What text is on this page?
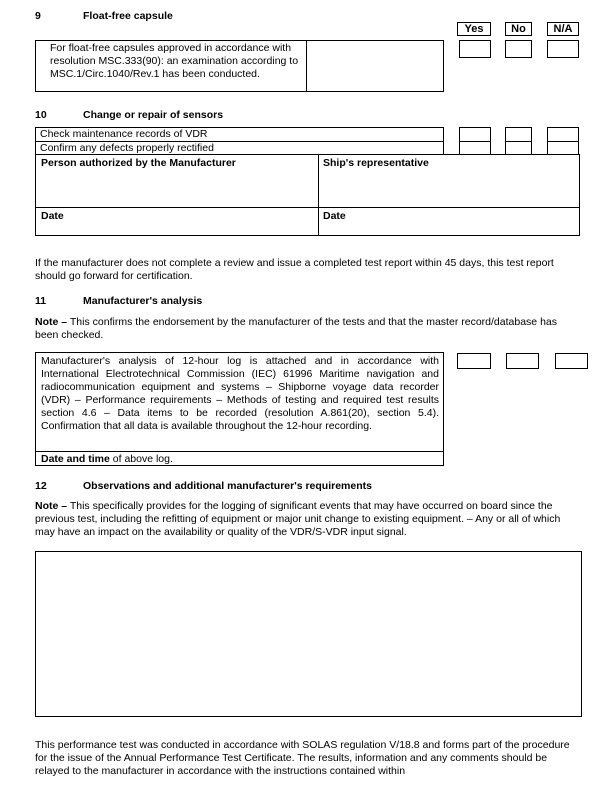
9	Float-free capsule
Yes	No	N/A
For float-free capsules approved in accordance with resolution MSC.333(90): an examination according to MSC.1/Circ.1040/Rev.1 has been conducted.
10	Change or repair of sensors
Check maintenance records of VDR
Confirm any defects properly rectified
Person authorized by the Manufacturer	Ship's representative
Date	Date
If the manufacturer does not complete a review and issue a completed test report within 45 days, this test report should go forward for certification.
11	Manufacturer's analysis
Note – This confirms the endorsement by the manufacturer of the tests and that the master record/database has been checked.
Manufacturer's analysis of 12-hour log is attached and in accordance with International Electrotechnical Commission (IEC) 61996 Maritime navigation and radiocommunication equipment and systems – Shipborne voyage data recorder (VDR) – Performance requirements – Methods of testing and required test results section 4.6 – Data items to be recorded (resolution A.861(20), section 5.4). Confirmation that all data is available throughout the 12-hour recording.
Date and time of above log.
12	Observations and additional manufacturer's requirements
Note – This specifically provides for the logging of significant events that may have occurred on board since the previous test, including the refitting of equipment or major unit change to existing equipment. – Any or all of which may have an impact on the availability or quality of the VDR/S-VDR input signal.
This performance test was conducted in accordance with SOLAS regulation V/18.8 and forms part of the procedure for the issue of the Annual Performance Test Certificate. The results, information and any comments should be relayed to the manufacturer in accordance with the instructions contained within
